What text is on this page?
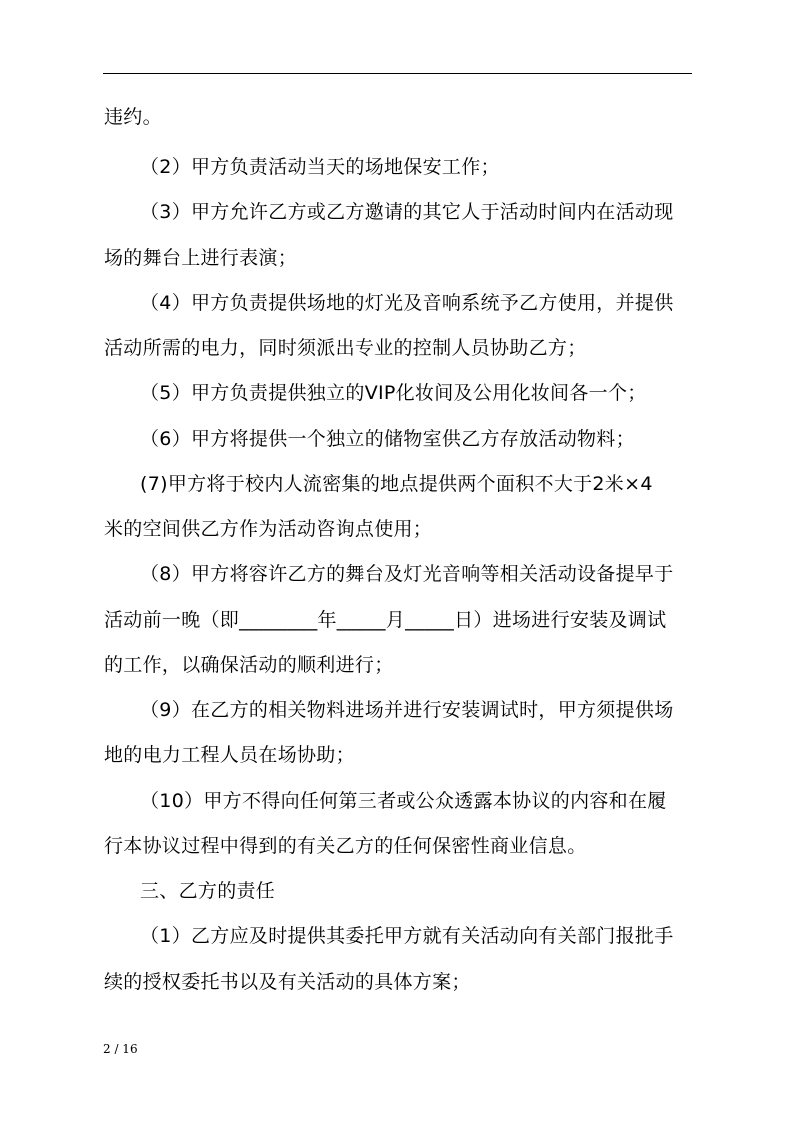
违约。
（2）甲方负责活动当天的场地保安工作；
（3）甲方允许乙方或乙方邀请的其它人于活动时间内在活动现
场的舞台上进行表演；
（4）甲方负责提供场地的灯光及音响系统予乙方使用，并提供
活动所需的电力，同时须派出专业的控制人员协助乙方；
（5）甲方负责提供独立的VIP化妆间及公用化妆间各一个；
（6）甲方将提供一个独立的储物室供乙方存放活动物料；
(7)甲方将于校内人流密集的地点提供两个面积不大于2米×4
米的空间供乙方作为活动咨询点使用；
（8）甲方将容许乙方的舞台及灯光音响等相关活动设备提早于
活动前一晚（即________年_____月_____日）进场进行安装及调试
的工作，以确保活动的顺利进行；
（9）在乙方的相关物料进场并进行安装调试时，甲方须提供场
地的电力工程人员在场协助；
（10）甲方不得向任何第三者或公众透露本协议的内容和在履
行本协议过程中得到的有关乙方的任何保密性商业信息。
三、乙方的责任
（1）乙方应及时提供其委托甲方就有关活动向有关部门报批手
续的授权委托书以及有关活动的具体方案；
2 / 16
